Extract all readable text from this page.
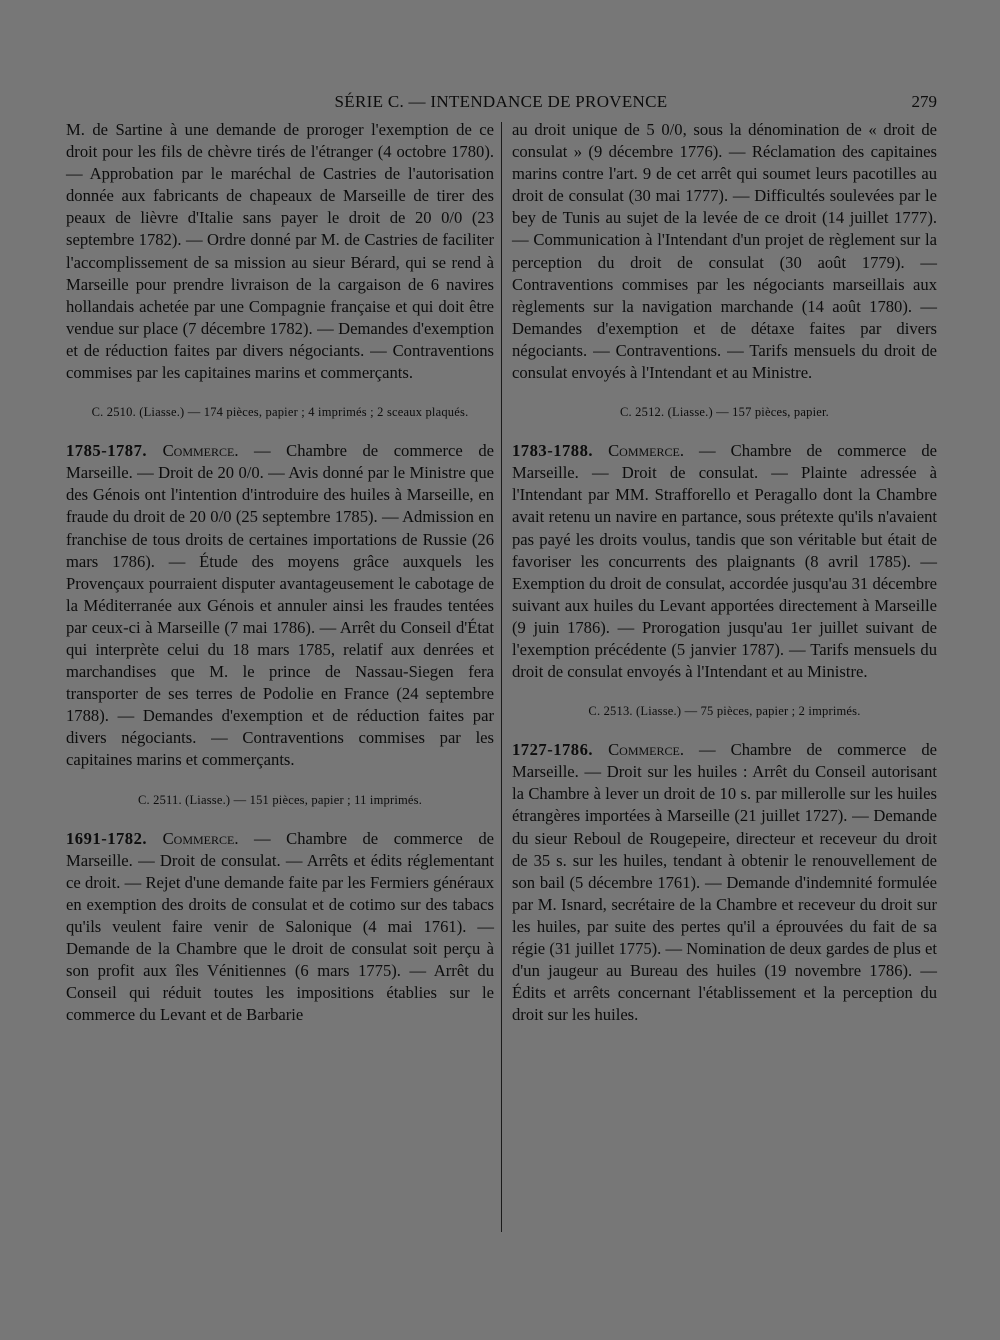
SÉRIE C. — INTENDANCE DE PROVENCE	279

M. de Sartine à une demande de proroger l'exemption de ce droit pour les fils de chèvre tirés de l'étranger (4 octobre 1780). — Approbation par le maréchal de Castries de l'autorisation donnée aux fabricants de chapeaux de Marseille de tirer des peaux de lièvre d'Italie sans payer le droit de 20 0/0 (23 septembre 1782). — Ordre donné par M. de Castries de faciliter l'accomplissement de sa mission au sieur Bérard, qui se rend à Marseille pour prendre livraison de la cargaison de 6 navires hollandais achetée par une Compagnie française et qui doit être vendue sur place (7 décembre 1782). — Demandes d'exemption et de réduction faites par divers négociants. — Contraventions commises par les capitaines marins et commerçants.

C. 2510. (Liasse.) — 174 pièces, papier ; 4 imprimés ; 2 sceaux plaqués.

1785-1787. Commerce. — Chambre de commerce de Marseille. — Droit de 20 0/0. — Avis donné par le Ministre que des Génois ont l'intention d'introduire des huiles à Marseille, en fraude du droit de 20 0/0 (25 septembre 1785). — Admission en franchise de tous droits de certaines importations de Russie (26 mars 1786). — Étude des moyens grâce auxquels les Provençaux pourraient disputer avantageusement le cabotage de la Méditerranée aux Génois et annuler ainsi les fraudes tentées par ceux-ci à Marseille (7 mai 1786). — Arrêt du Conseil d'État qui interprète celui du 18 mars 1785, relatif aux denrées et marchandises que M. le prince de Nassau-Siegen fera transporter de ses terres de Podolie en France (24 septembre 1788). — Demandes d'exemption et de réduction faites par divers négociants. — Contraventions commises par les capitaines marins et commerçants.

C. 2511. (Liasse.) — 151 pièces, papier ; 11 imprimés.

1691-1782. Commerce. — Chambre de commerce de Marseille. — Droit de consulat. — Arrêts et édits réglementant ce droit. — Rejet d'une demande faite par les Fermiers généraux en exemption des droits de consulat et de cotimo sur des tabacs qu'ils veulent faire venir de Salonique (4 mai 1761). — Demande de la Chambre que le droit de consulat soit perçu à son profit aux îles Vénitiennes (6 mars 1775). — Arrêt du Conseil qui réduit toutes les impositions établies sur le commerce du Levant et de Barbarie

au droit unique de 5 0/0, sous la dénomination de « droit de consulat » (9 décembre 1776). — Réclamation des capitaines marins contre l'art. 9 de cet arrêt qui soumet leurs pacotilles au droit de consulat (30 mai 1777). — Difficultés soulevées par le bey de Tunis au sujet de la levée de ce droit (14 juillet 1777). — Communication à l'Intendant d'un projet de règlement sur la perception du droit de consulat (30 août 1779). — Contraventions commises par les négociants marseillais aux règlements sur la navigation marchande (14 août 1780). — Demandes d'exemption et de détaxe faites par divers négociants. — Contraventions. — Tarifs mensuels du droit de consulat envoyés à l'Intendant et au Ministre.

C. 2512. (Liasse.) — 157 pièces, papier.

1783-1788. Commerce. — Chambre de commerce de Marseille. — Droit de consulat. — Plainte adressée à l'Intendant par MM. Strafforello et Peragallo dont la Chambre avait retenu un navire en partance, sous prétexte qu'ils n'avaient pas payé les droits voulus, tandis que son véritable but était de favoriser les concurrents des plaignants (8 avril 1785). — Exemption du droit de consulat, accordée jusqu'au 31 décembre suivant aux huiles du Levant apportées directement à Marseille (9 juin 1786). — Prorogation jusqu'au 1er juillet suivant de l'exemption précédente (5 janvier 1787). — Tarifs mensuels du droit de consulat envoyés à l'Intendant et au Ministre.

C. 2513. (Liasse.) — 75 pièces, papier ; 2 imprimés.

1727-1786. Commerce. — Chambre de commerce de Marseille. — Droit sur les huiles : Arrêt du Conseil autorisant la Chambre à lever un droit de 10 s. par millerolle sur les huiles étrangères importées à Marseille (21 juillet 1727). — Demande du sieur Reboul de Rougepeire, directeur et receveur du droit de 35 s. sur les huiles, tendant à obtenir le renouvellement de son bail (5 décembre 1761). — Demande d'indemnité formulée par M. Isnard, secrétaire de la Chambre et receveur du droit sur les huiles, par suite des pertes qu'il a éprouvées du fait de sa régie (31 juillet 1775). — Nomination de deux gardes de plus et d'un jaugeur au Bureau des huiles (19 novembre 1786). — Édits et arrêts concernant l'établissement et la perception du droit sur les huiles.
